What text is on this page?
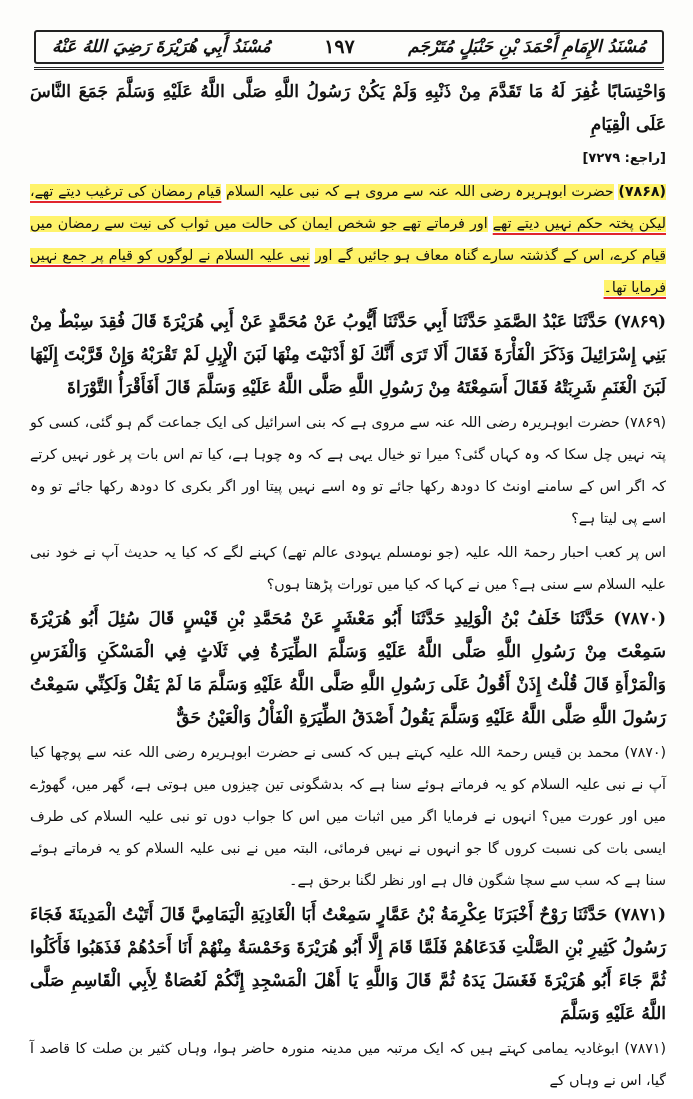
مُسْنَدُ الإِمَامِ أَحْمَدَ بْنِ حَنْبَلٍ مُتَرْجَم
١٩٧
مُسْنَدُ أَبِي هُرَيْرَةَ رَضِيَ اللهُ عَنْهُ

وَاحْتِسَابًا غُفِرَ لَهُ مَا تَقَدَّمَ مِنْ ذَنْبِهِ وَلَمْ يَكُنْ رَسُولُ اللَّهِ صَلَّى اللَّهُ عَلَيْهِ وَسَلَّمَ جَمَعَ النَّاسَ عَلَى الْقِيَامِ

[راجع: ۷۲۷۹]

(۷۸۶۸) حضرت ابوہریرہ رضی اللہ عنہ سے مروی ہے کہ نبی علیہ السلام قیام رمضان کی ترغیب دیتے تھے، لیکن پختہ حکم نہیں دیتے تھے اور فرماتے تھے جو شخص ایمان کی حالت میں ثواب کی نیت سے رمضان میں قیام کرے، اس کے گذشتہ سارے گناہ معاف ہو جائیں گے اور نبی علیہ السلام نے لوگوں کو قیام پر جمع نہیں فرمایا تھا۔

(۷۸۶۹) حَدَّثَنَا عَبْدُ الصَّمَدِ حَدَّثَنَا أَبِي حَدَّثَنَا أَيُّوبُ عَنْ مُحَمَّدٍ عَنْ أَبِي هُرَيْرَةَ قَالَ فُقِدَ سِبْطٌ مِنْ بَنِي إِسْرَائِيلَ وَذَكَرَ الْفَأْرَةَ فَقَالَ أَلَا تَرَى أَنَّكَ لَوْ أَدْنَيْتَ مِنْهَا لَبَنَ الْإِبِلِ لَمْ تَقْرَبْهُ وَإِنْ قَرَّبْتَ إِلَيْهَا لَبَنَ الْغَنَمِ شَرِبَتْهُ فَقَالَ أَسَمِعْتَهُ مِنْ رَسُولِ اللَّهِ صَلَّى اللَّهُ عَلَيْهِ وَسَلَّمَ قَالَ أَفَأَقْرَأُ التَّوْرَاةَ

(۷۸۶۹) حضرت ابوہریرہ رضی اللہ عنہ سے مروی ہے کہ بنی اسرائیل کی ایک جماعت گم ہو گئی، کسی کو پتہ نہیں چل سکا کہ وہ کہاں گئی؟ میرا تو خیال یہی ہے کہ وہ چوہا ہے، کیا تم اس بات پر غور نہیں کرتے کہ اگر اس کے سامنے اونٹ کا دودھ رکھا جائے تو وہ اسے نہیں پیتا اور اگر بکری کا دودھ رکھا جائے تو وہ اسے پی لیتا ہے؟

اس پر کعب احبار رحمۃ اللہ علیہ (جو نومسلم یہودی عالم تھے) کہنے لگے کہ کیا یہ حدیث آپ نے خود نبی علیہ السلام سے سنی ہے؟ میں نے کہا کہ کیا میں تورات پڑھتا ہوں؟

(۷۸۷۰) حَدَّثَنَا خَلَفُ بْنُ الْوَلِيدِ حَدَّثَنَا أَبُو مَعْشَرٍ عَنْ مُحَمَّدِ بْنِ قَيْسٍ قَالَ سُئِلَ أَبُو هُرَيْرَةَ سَمِعْتَ مِنْ رَسُولِ اللَّهِ صَلَّى اللَّهُ عَلَيْهِ وَسَلَّمَ الطِّيَرَةُ فِي ثَلَاثٍ فِي الْمَسْكَنِ وَالْفَرَسِ وَالْمَرْأَةِ قَالَ قُلْتُ إِذَنْ أَقُولُ عَلَى رَسُولِ اللَّهِ صَلَّى اللَّهُ عَلَيْهِ وَسَلَّمَ مَا لَمْ يَقُلْ وَلَكِنِّي سَمِعْتُ رَسُولَ اللَّهِ صَلَّى اللَّهُ عَلَيْهِ وَسَلَّمَ يَقُولُ أَصْدَقُ الطِّيَرَةِ الْفَأْلُ وَالْعَيْنُ حَقٌّ

(۷۸۷۰) محمد بن قیس رحمۃ اللہ علیہ کہتے ہیں کہ کسی نے حضرت ابوہریرہ رضی اللہ عنہ سے پوچھا کیا آپ نے نبی علیہ السلام کو یہ فرماتے ہوئے سنا ہے کہ بدشگونی تین چیزوں میں ہوتی ہے، گھر میں، گھوڑے میں اور عورت میں؟ انہوں نے فرمایا اگر میں اثبات میں اس کا جواب دوں تو نبی علیہ السلام کی طرف ایسی بات کی نسبت کروں گا جو انہوں نے نہیں فرمائی، البتہ میں نے نبی علیہ السلام کو یہ فرماتے ہوئے سنا ہے کہ سب سے سچا شگون فال ہے اور نظر لگنا برحق ہے۔

(۷۸۷۱) حَدَّثَنَا رَوْحٌ أَخْبَرَنَا عِكْرِمَةُ بْنُ عَمَّارٍ سَمِعْتُ أَبَا الْغَادِيَةِ الْيَمَامِيَّ قَالَ أَتَيْتُ الْمَدِينَةَ فَجَاءَ رَسُولُ كَثِيرِ بْنِ الصَّلْتِ فَدَعَاهُمْ فَلَمَّا قَامَ إِلَّا أَبُو هُرَيْرَةَ وَخَمْسَةٌ مِنْهُمْ أَنَا أَحَدُهُمْ فَذَهَبُوا فَأَكَلُوا ثُمَّ جَاءَ أَبُو هُرَيْرَةَ فَغَسَلَ يَدَهُ ثُمَّ قَالَ وَاللَّهِ يَا أَهْلَ الْمَسْجِدِ إِنَّكُمْ لَعُصَاةٌ لِأَبِي الْقَاسِمِ صَلَّى اللَّهُ عَلَيْهِ وَسَلَّمَ

(۷۸۷۱) ابوغادیہ یمامی کہتے ہیں کہ ایک مرتبہ میں مدینہ منورہ حاضر ہوا، وہاں کثیر بن صلت کا قاصد آ گیا، اس نے وہاں کے
